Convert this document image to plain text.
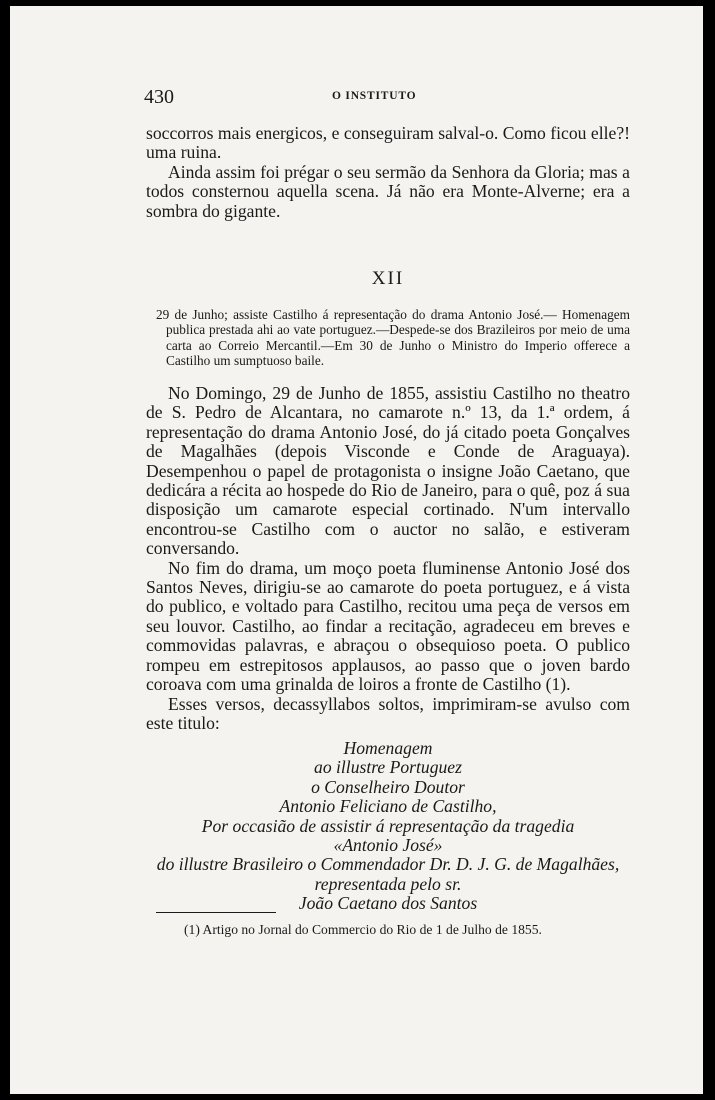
430	O INSTITUTO

soccorros mais energicos, e conseguiram salval-o. Como ficou elle?! uma ruina.

Ainda assim foi prégar o seu sermão da Senhora da Gloria; mas a todos consternou aquella scena. Já não era Monte-Alverne; era a sombra do gigante.

XII

29 de Junho; assiste Castilho á representação do drama Antonio José.— Homenagem publica prestada ahi ao vate portuguez.—Despede-se dos Brazileiros por meio de uma carta ao Correio Mercantil.—Em 30 de Junho o Ministro do Imperio offerece a Castilho um sumptuoso baile.

No Domingo, 29 de Junho de 1855, assistiu Castilho no theatro de S. Pedro de Alcantara, no camarote n.º 13, da 1.ª ordem, á representação do drama Antonio José, do já citado poeta Gonçalves de Magalhães (depois Visconde e Conde de Araguaya). Desempenhou o papel de protagonista o insigne João Caetano, que dedicára a récita ao hospede do Rio de Janeiro, para o quê, poz á sua disposição um camarote especial cortinado. N'um intervallo encontrou-se Castilho com o auctor no salão, e estiveram conversando.

No fim do drama, um moço poeta fluminense Antonio José dos Santos Neves, dirigiu-se ao camarote do poeta portuguez, e á vista do publico, e voltado para Castilho, recitou uma peça de versos em seu louvor. Castilho, ao findar a recitação, agradeceu em breves e commovidas palavras, e abraçou o obsequioso poeta. O publico rompeu em estrepitosos applausos, ao passo que o joven bardo coroava com uma grinalda de loiros a fronte de Castilho (1).

Esses versos, decassyllabos soltos, imprimiram-se avulso com este titulo:

Homenagem
ao illustre Portuguez
o Conselheiro Doutor
Antonio Feliciano de Castilho,
Por occasião de assistir á representação da tragedia
«Antonio José»
do illustre Brasileiro o Commendador Dr. D. J. G. de Magalhães,
representada pelo sr.
João Caetano dos Santos
(1) Artigo no Jornal do Commercio do Rio de 1 de Julho de 1855.
